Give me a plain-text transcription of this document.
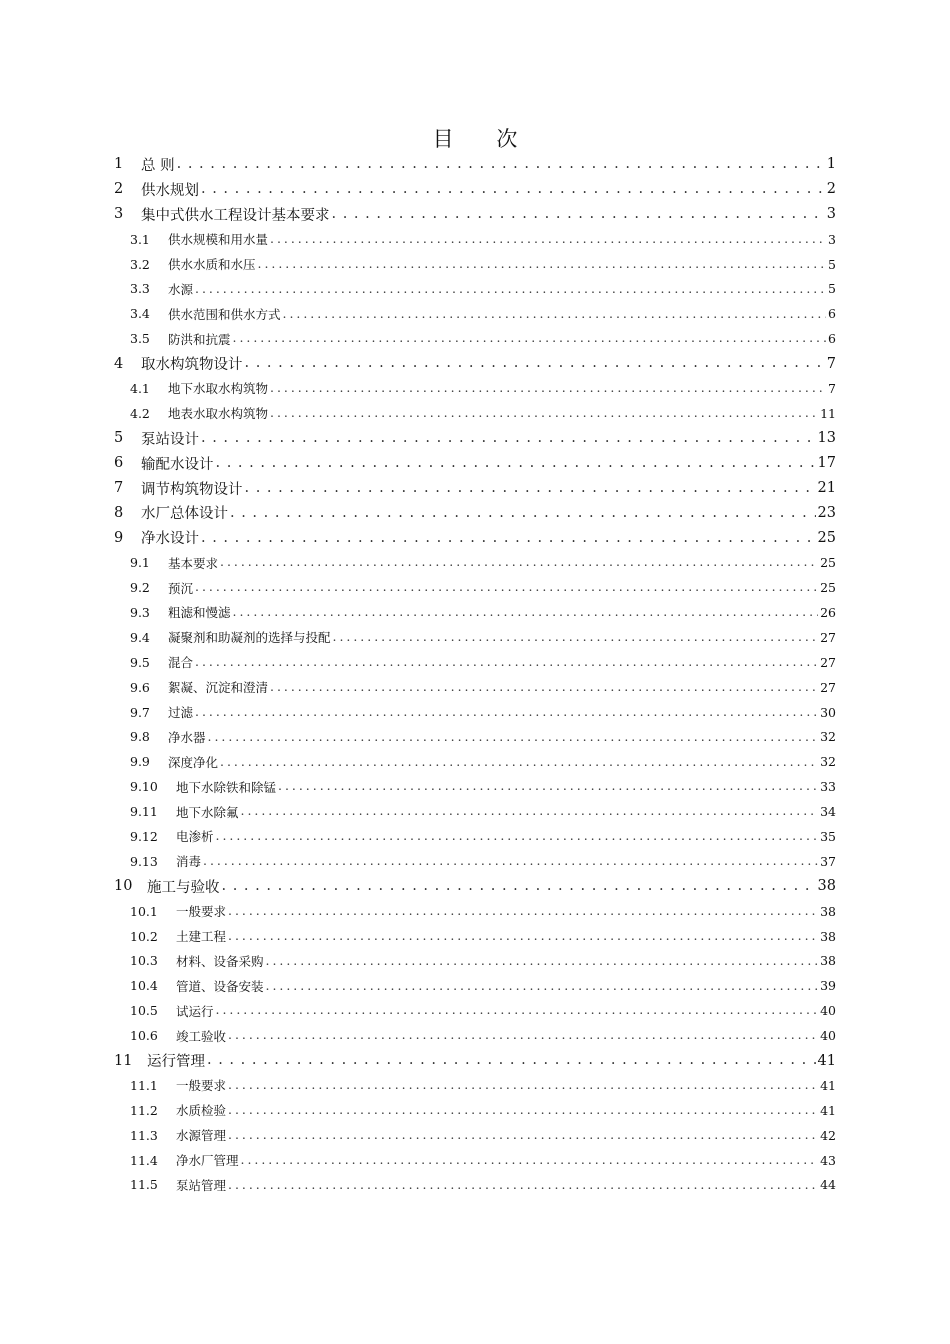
目 次
1	总 则 . . .	1
2	供水规划 . . .	2
3	集中式供水工程设计基本要求 . . .	3
3.1	供水规模和用水量 . . .	3
3.2	供水水质和水压 . . .	5
3.3	水源 . . .	5
3.4	供水范围和供水方式 . . .	6
3.5	防洪和抗震 . . .	6
4	取水构筑物设计 . . .	7
4.1	地下水取水构筑物 . . .	7
4.2	地表水取水构筑物 . . .	11
5	泵站设计 . . .	13
6	输配水设计 . . .	17
7	调节构筑物设计 . . .	21
8	水厂总体设计 . . .	23
9	净水设计 . . .	25
9.1	基本要求 . . .	25
9.2	预沉 . . .	25
9.3	粗滤和慢滤 . . .	26
9.4	凝聚剂和助凝剂的选择与投配 . . .	27
9.5	混合 . . .	27
9.6	絮凝、沉淀和澄清 . . .	27
9.7	过滤 . . .	30
9.8	净水器 . . .	32
9.9	深度净化 . . .	32
9.10	地下水除铁和除锰 . . .	33
9.11	地下水除氟 . . .	34
9.12	电渗析 . . .	35
9.13	消毒 . . .	37
10	施工与验收 . . .	38
10.1	一般要求 . . .	38
10.2	土建工程 . . .	38
10.3	材料、设备采购 . . .	38
10.4	管道、设备安装 . . .	39
10.5	试运行 . . .	40
10.6	竣工验收 . . .	40
11	运行管理 . . .	41
11.1	一般要求 . . .	41
11.2	水质检验 . . .	41
11.3	水源管理 . . .	42
11.4	净水厂管理 . . .	43
11.5	泵站管理 . . .	44
